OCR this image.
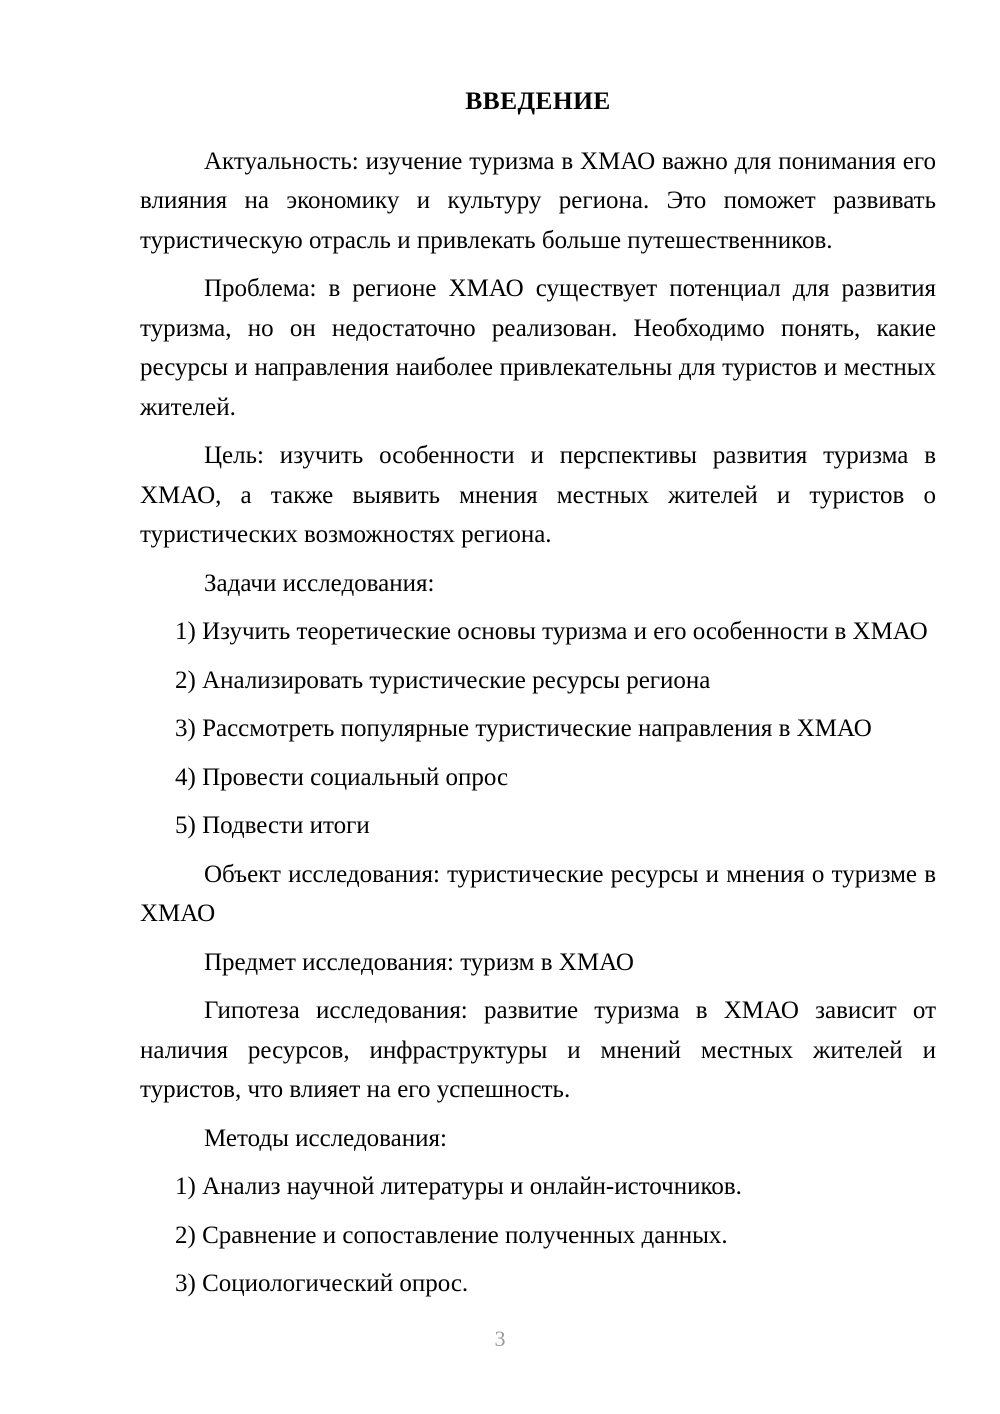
ВВЕДЕНИЕ

Актуальность: изучение туризма в ХМАО важно для понимания его влияния на экономику и культуру региона. Это поможет развивать туристическую отрасль и привлекать больше путешественников.

Проблема: в регионе ХМАО существует потенциал для развития туризма, но он недостаточно реализован. Необходимо понять, какие ресурсы и направления наиболее привлекательны для туристов и местных жителей.

Цель: изучить особенности и перспективы развития туризма в ХМАО, а также выявить мнения местных жителей и туристов о туристических возможностях региона.

Задачи исследования:

1) Изучить теоретические основы туризма и его особенности в ХМАО
2) Анализировать туристические ресурсы региона
3) Рассмотреть популярные туристические направления в ХМАО
4) Провести социальный опрос
5) Подвести итоги

Объект исследования: туристические ресурсы и мнения о туризме в ХМАО

Предмет исследования: туризм в ХМАО

Гипотеза исследования: развитие туризма в ХМАО зависит от наличия ресурсов, инфраструктуры и мнений местных жителей и туристов, что влияет на его успешность.

Методы исследования:

1) Анализ научной литературы и онлайн-источников.
2) Сравнение и сопоставление полученных данных.
3) Социологический опрос.
3
